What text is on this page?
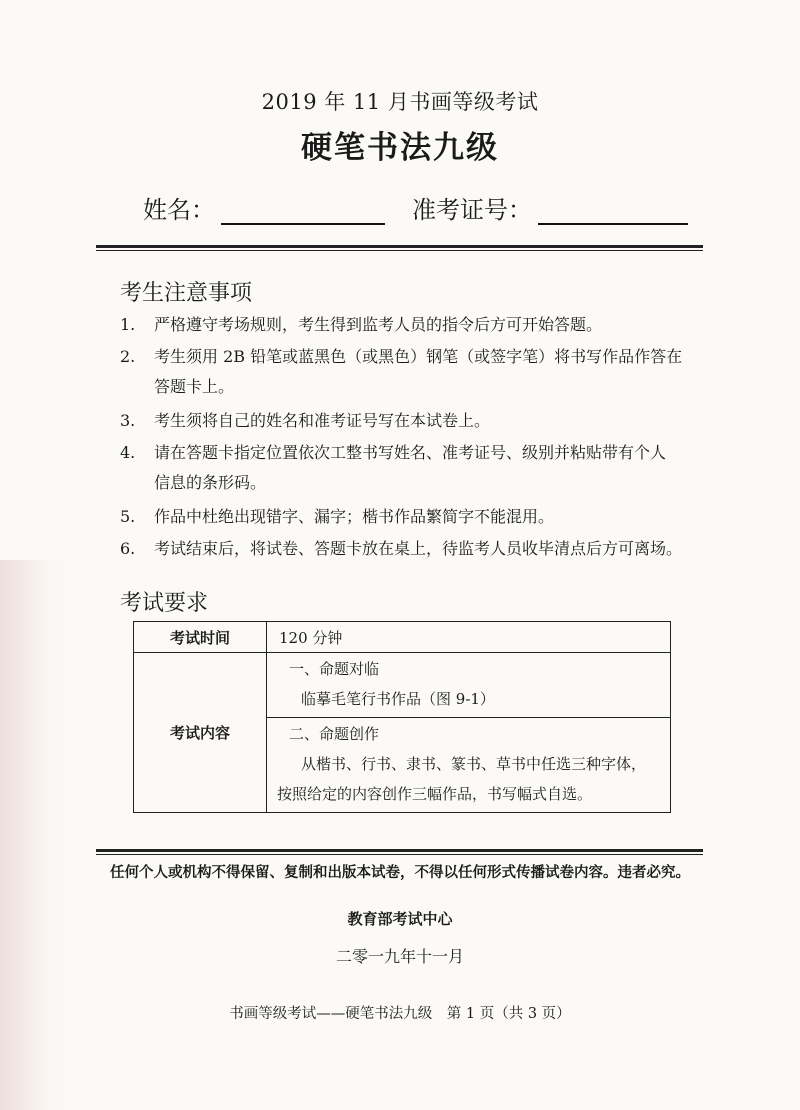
2019 年 11 月书画等级考试
硬笔书法九级
姓名：	准考证号：
考生注意事项
1. 严格遵守考场规则，考生得到监考人员的指令后方可开始答题。
2. 考生须用 2B 铅笔或蓝黑色（或黑色）钢笔（或签字笔）将书写作品作答在
答题卡上。
3. 考生须将自己的姓名和准考证号写在本试卷上。
4. 请在答题卡指定位置依次工整书写姓名、准考证号、级别并粘贴带有个人
信息的条形码。
5. 作品中杜绝出现错字、漏字；楷书作品繁简字不能混用。
6. 考试结束后，将试卷、答题卡放在桌上，待监考人员收毕清点后方可离场。
考试要求
考试时间	120 分钟
考试内容	一、命题对临
临摹毛笔行书作品（图 9-1）
二、命题创作
从楷书、行书、隶书、篆书、草书中任选三种字体，
按照给定的内容创作三幅作品，书写幅式自选。
任何个人或机构不得保留、复制和出版本试卷，不得以任何形式传播试卷内容。违者必究。
教育部考试中心
二零一九年十一月
书画等级考试——硬笔书法九级　第 1 页（共 3 页）
